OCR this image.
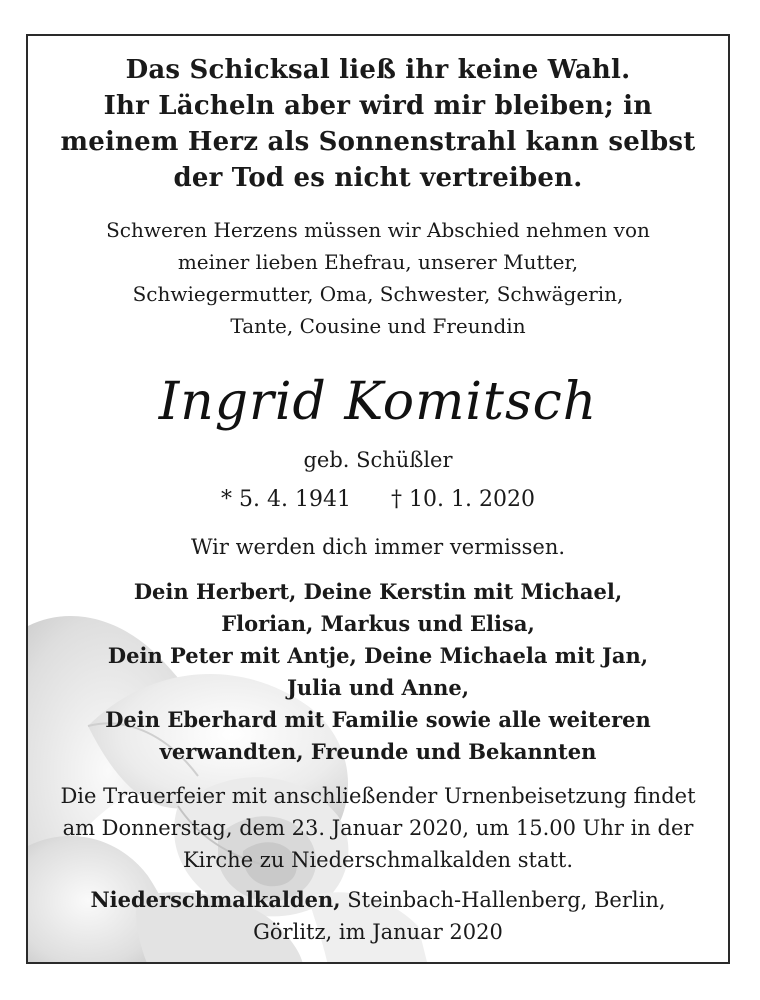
Das Schicksal ließ ihr keine Wahl.
Ihr Lächeln aber wird mir bleiben; in
meinem Herz als Sonnenstrahl kann selbst
der Tod es nicht vertreiben.
Schweren Herzens müssen wir Abschied nehmen von
meiner lieben Ehefrau, unserer Mutter,
Schwiegermutter, Oma, Schwester, Schwägerin,
Tante, Cousine und Freundin
Ingrid Komitsch
geb. Schüßler
* 5. 4. 1941 † 10. 1. 2020
Wir werden dich immer vermissen.
Dein Herbert, Deine Kerstin mit Michael,
Florian, Markus und Elisa,
Dein Peter mit Antje, Deine Michaela mit Jan,
Julia und Anne,
Dein Eberhard mit Familie sowie alle weiteren
verwandten, Freunde und Bekannten
Die Trauerfeier mit anschließender Urnenbeisetzung findet
am Donnerstag, dem 23. Januar 2020, um 15.00 Uhr in der
Kirche zu Niederschmalkalden statt.
Niederschmalkalden, Steinbach-Hallenberg, Berlin,
Görlitz, im Januar 2020
